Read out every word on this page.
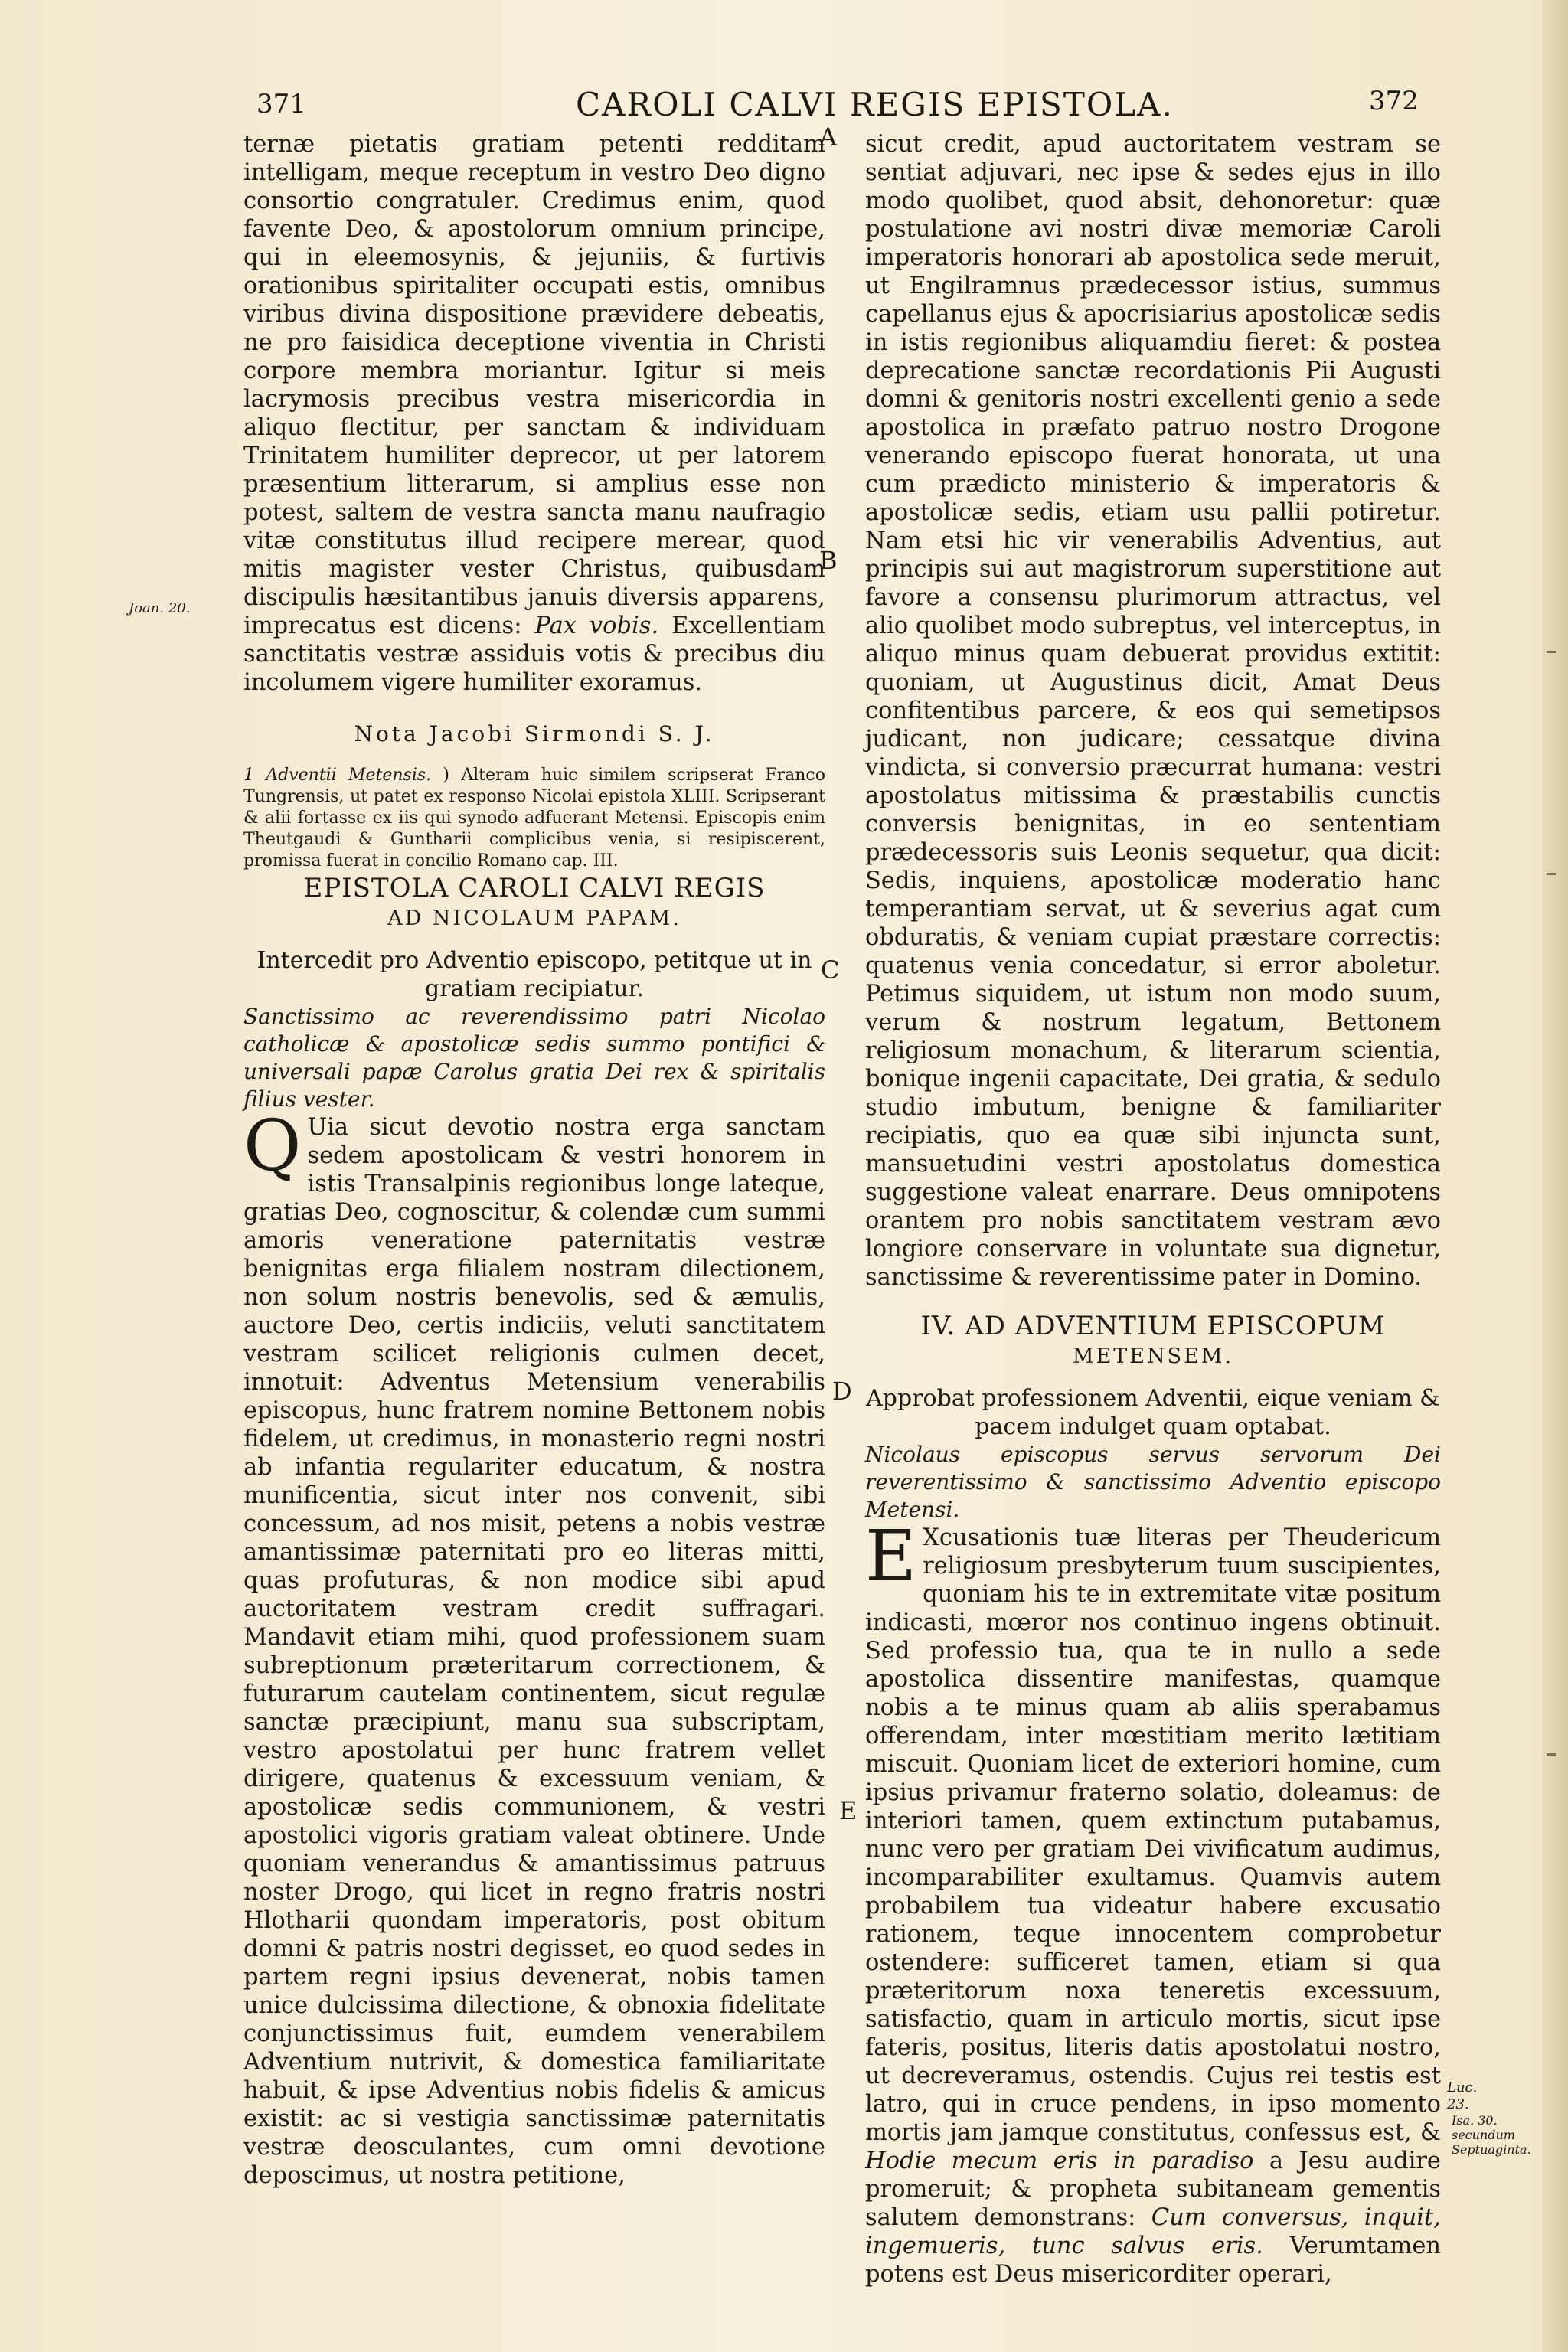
371	CAROLI CALVI REGIS EPISTOLA.	372
A
B
C
D
E
Joan. 20.
Luc. 23.
Isa. 30. secundum Septuaginta.

ternæ pietatis gratiam petenti redditam intelligam, meque receptum in vestro Deo digno consortio congratuler. Credimus enim, quod favente Deo, & apostolorum omnium principe, qui in eleemosynis, & jejuniis, & furtivis orationibus spiritaliter occupati estis, omnibus viribus divina dispositione prævidere debeatis, ne pro faisidica deceptione viventia in Christi corpore membra moriantur. Igitur si meis lacrymosis precibus vestra misericordia in aliquo flectitur, per sanctam & individuam Trinitatem humiliter deprecor, ut per latorem præsentium litterarum, si amplius esse non potest, saltem de vestra sancta manu naufragio vitæ constitutus illud recipere merear, quod mitis magister vester Christus, quibusdam discipulis hæsitantibus januis diversis apparens, imprecatus est dicens: Pax vobis. Excellentiam sanctitatis vestræ assiduis votis & precibus diu incolumem vigere humiliter exoramus.

Nota Jacobi Sirmondi S. J.

1 Adventii Metensis. ) Alteram huic similem scripserat Franco Tungrensis, ut patet ex responso Nicolai epistola XLIII. Scripserant & alii fortasse ex iis qui synodo adfuerant Metensi. Episcopis enim Theutgaudi & Guntharii complicibus venia, si resipiscerent, promissa fuerat in concilio Romano cap. III.

EPISTOLA CAROLI CALVI REGIS
AD NICOLAUM PAPAM.

Intercedit pro Adventio episcopo, petitque ut in gratiam recipiatur.

Sanctissimo ac reverendissimo patri Nicolao catholicæ & apostolicæ sedis summo pontifici & universali papæ Carolus gratia Dei rex & spiritalis filius vester.

Q Uia sicut devotio nostra erga sanctam sedem apostolicam & vestri honorem in istis Transalpinis regionibus longe lateque, gratias Deo, cognoscitur, & colendæ cum summi amoris veneratione paternitatis vestræ benignitas erga filialem nostram dilectionem, non solum nostris benevolis, sed & æmulis, auctore Deo, certis indiciis, veluti sanctitatem vestram scilicet religionis culmen decet, innotuit: Adventus Metensium venerabilis episcopus, hunc fratrem nomine Bettonem nobis fidelem, ut credimus, in monasterio regni nostri ab infantia regulariter educatum, & nostra munificentia, sicut inter nos convenit, sibi concessum, ad nos misit, petens a nobis vestræ amantissimæ paternitati pro eo literas mitti, quas profuturas, & non modice sibi apud auctoritatem vestram credit suffragari. Mandavit etiam mihi, quod professionem suam subreptionum præteritarum correctionem, & futurarum cautelam continentem, sicut regulæ sanctæ præcipiunt, manu sua subscriptam, vestro apostolatui per hunc fratrem vellet dirigere, quatenus & excessuum veniam, & apostolicæ sedis communionem, & vestri apostolici vigoris gratiam valeat obtinere. Unde quoniam venerandus & amantissimus patruus noster Drogo, qui licet in regno fratris nostri Hlotharii quondam imperatoris, post obitum domni & patris nostri degisset, eo quod sedes in partem regni ipsius devenerat, nobis tamen unice dulcissima dilectione, & obnoxia fidelitate conjunctissimus fuit, eumdem venerabilem Adventium nutrivit, & domestica familiaritate habuit, & ipse Adventius nobis fidelis & amicus existit: ac si vestigia sanctissimæ paternitatis vestræ deosculantes, cum omni devotione deposcimus, ut nostra petitione,

sicut credit, apud auctoritatem vestram se sentiat adjuvari, nec ipse & sedes ejus in illo modo quolibet, quod absit, dehonoretur: quæ postulatione avi nostri divæ memoriæ Caroli imperatoris honorari ab apostolica sede meruit, ut Engilramnus prædecessor istius, summus capellanus ejus & apocrisiarius apostolicæ sedis in istis regionibus aliquamdiu fieret: & postea deprecatione sanctæ recordationis Pii Augusti domni & genitoris nostri excellenti genio a sede apostolica in præfato patruo nostro Drogone venerando episcopo fuerat honorata, ut una cum prædicto ministerio & imperatoris & apostolicæ sedis, etiam usu pallii potiretur. Nam etsi hic vir venerabilis Adventius, aut principis sui aut magistrorum superstitione aut favore a consensu plurimorum attractus, vel alio quolibet modo subreptus, vel interceptus, in aliquo minus quam debuerat providus extitit: quoniam, ut Augustinus dicit, Amat Deus confitentibus parcere, & eos qui semetipsos judicant, non judicare; cessatque divina vindicta, si conversio præcurrat humana: vestri apostolatus mitissima & præstabilis cunctis conversis benignitas, in eo sententiam prædecessoris suis Leonis sequetur, qua dicit: Sedis, inquiens, apostolicæ moderatio hanc temperantiam servat, ut & severius agat cum obduratis, & veniam cupiat præstare correctis: quatenus venia concedatur, si error aboletur. Petimus siquidem, ut istum non modo suum, verum & nostrum legatum, Bettonem religiosum monachum, & literarum scientia, bonique ingenii capacitate, Dei gratia, & sedulo studio imbutum, benigne & familiariter recipiatis, quo ea quæ sibi injuncta sunt, mansuetudini vestri apostolatus domestica suggestione valeat enarrare. Deus omnipotens orantem pro nobis sanctitatem vestram ævo longiore conservare in voluntate sua dignetur, sanctissime & reverentissime pater in Domino.

IV. AD ADVENTIUM EPISCOPUM
METENSEM.

Approbat professionem Adventii, eique veniam & pacem indulget quam optabat.

Nicolaus episcopus servus servorum Dei reverentissimo & sanctissimo Adventio episcopo Metensi.

E Xcusationis tuæ literas per Theudericum religiosum presbyterum tuum suscipientes, quoniam his te in extremitate vitæ positum indicasti, mœror nos continuo ingens obtinuit. Sed professio tua, qua te in nullo a sede apostolica dissentire manifestas, quamque nobis a te minus quam ab aliis sperabamus offerendam, inter mœstitiam merito lætitiam miscuit. Quoniam licet de exteriori homine, cum ipsius privamur fraterno solatio, doleamus: de interiori tamen, quem extinctum putabamus, nunc vero per gratiam Dei vivificatum audimus, incomparabiliter exultamus. Quamvis autem probabilem tua videatur habere excusatio rationem, teque innocentem comprobetur ostendere: sufficeret tamen, etiam si qua præteritorum noxa teneretis excessuum, satisfactio, quam in articulo mortis, sicut ipse fateris, positus, literis datis apostolatui nostro, ut decreveramus, ostendis. Cujus rei testis est latro, qui in cruce pendens, in ipso momento mortis jam jamque constitutus, confessus est, & Hodie mecum eris in paradiso a Jesu audire promeruit; & propheta subitaneam gementis salutem demonstrans: Cum conversus, inquit, ingemueris, tunc salvus eris. Verumtamen potens est Deus misericorditer operari,
